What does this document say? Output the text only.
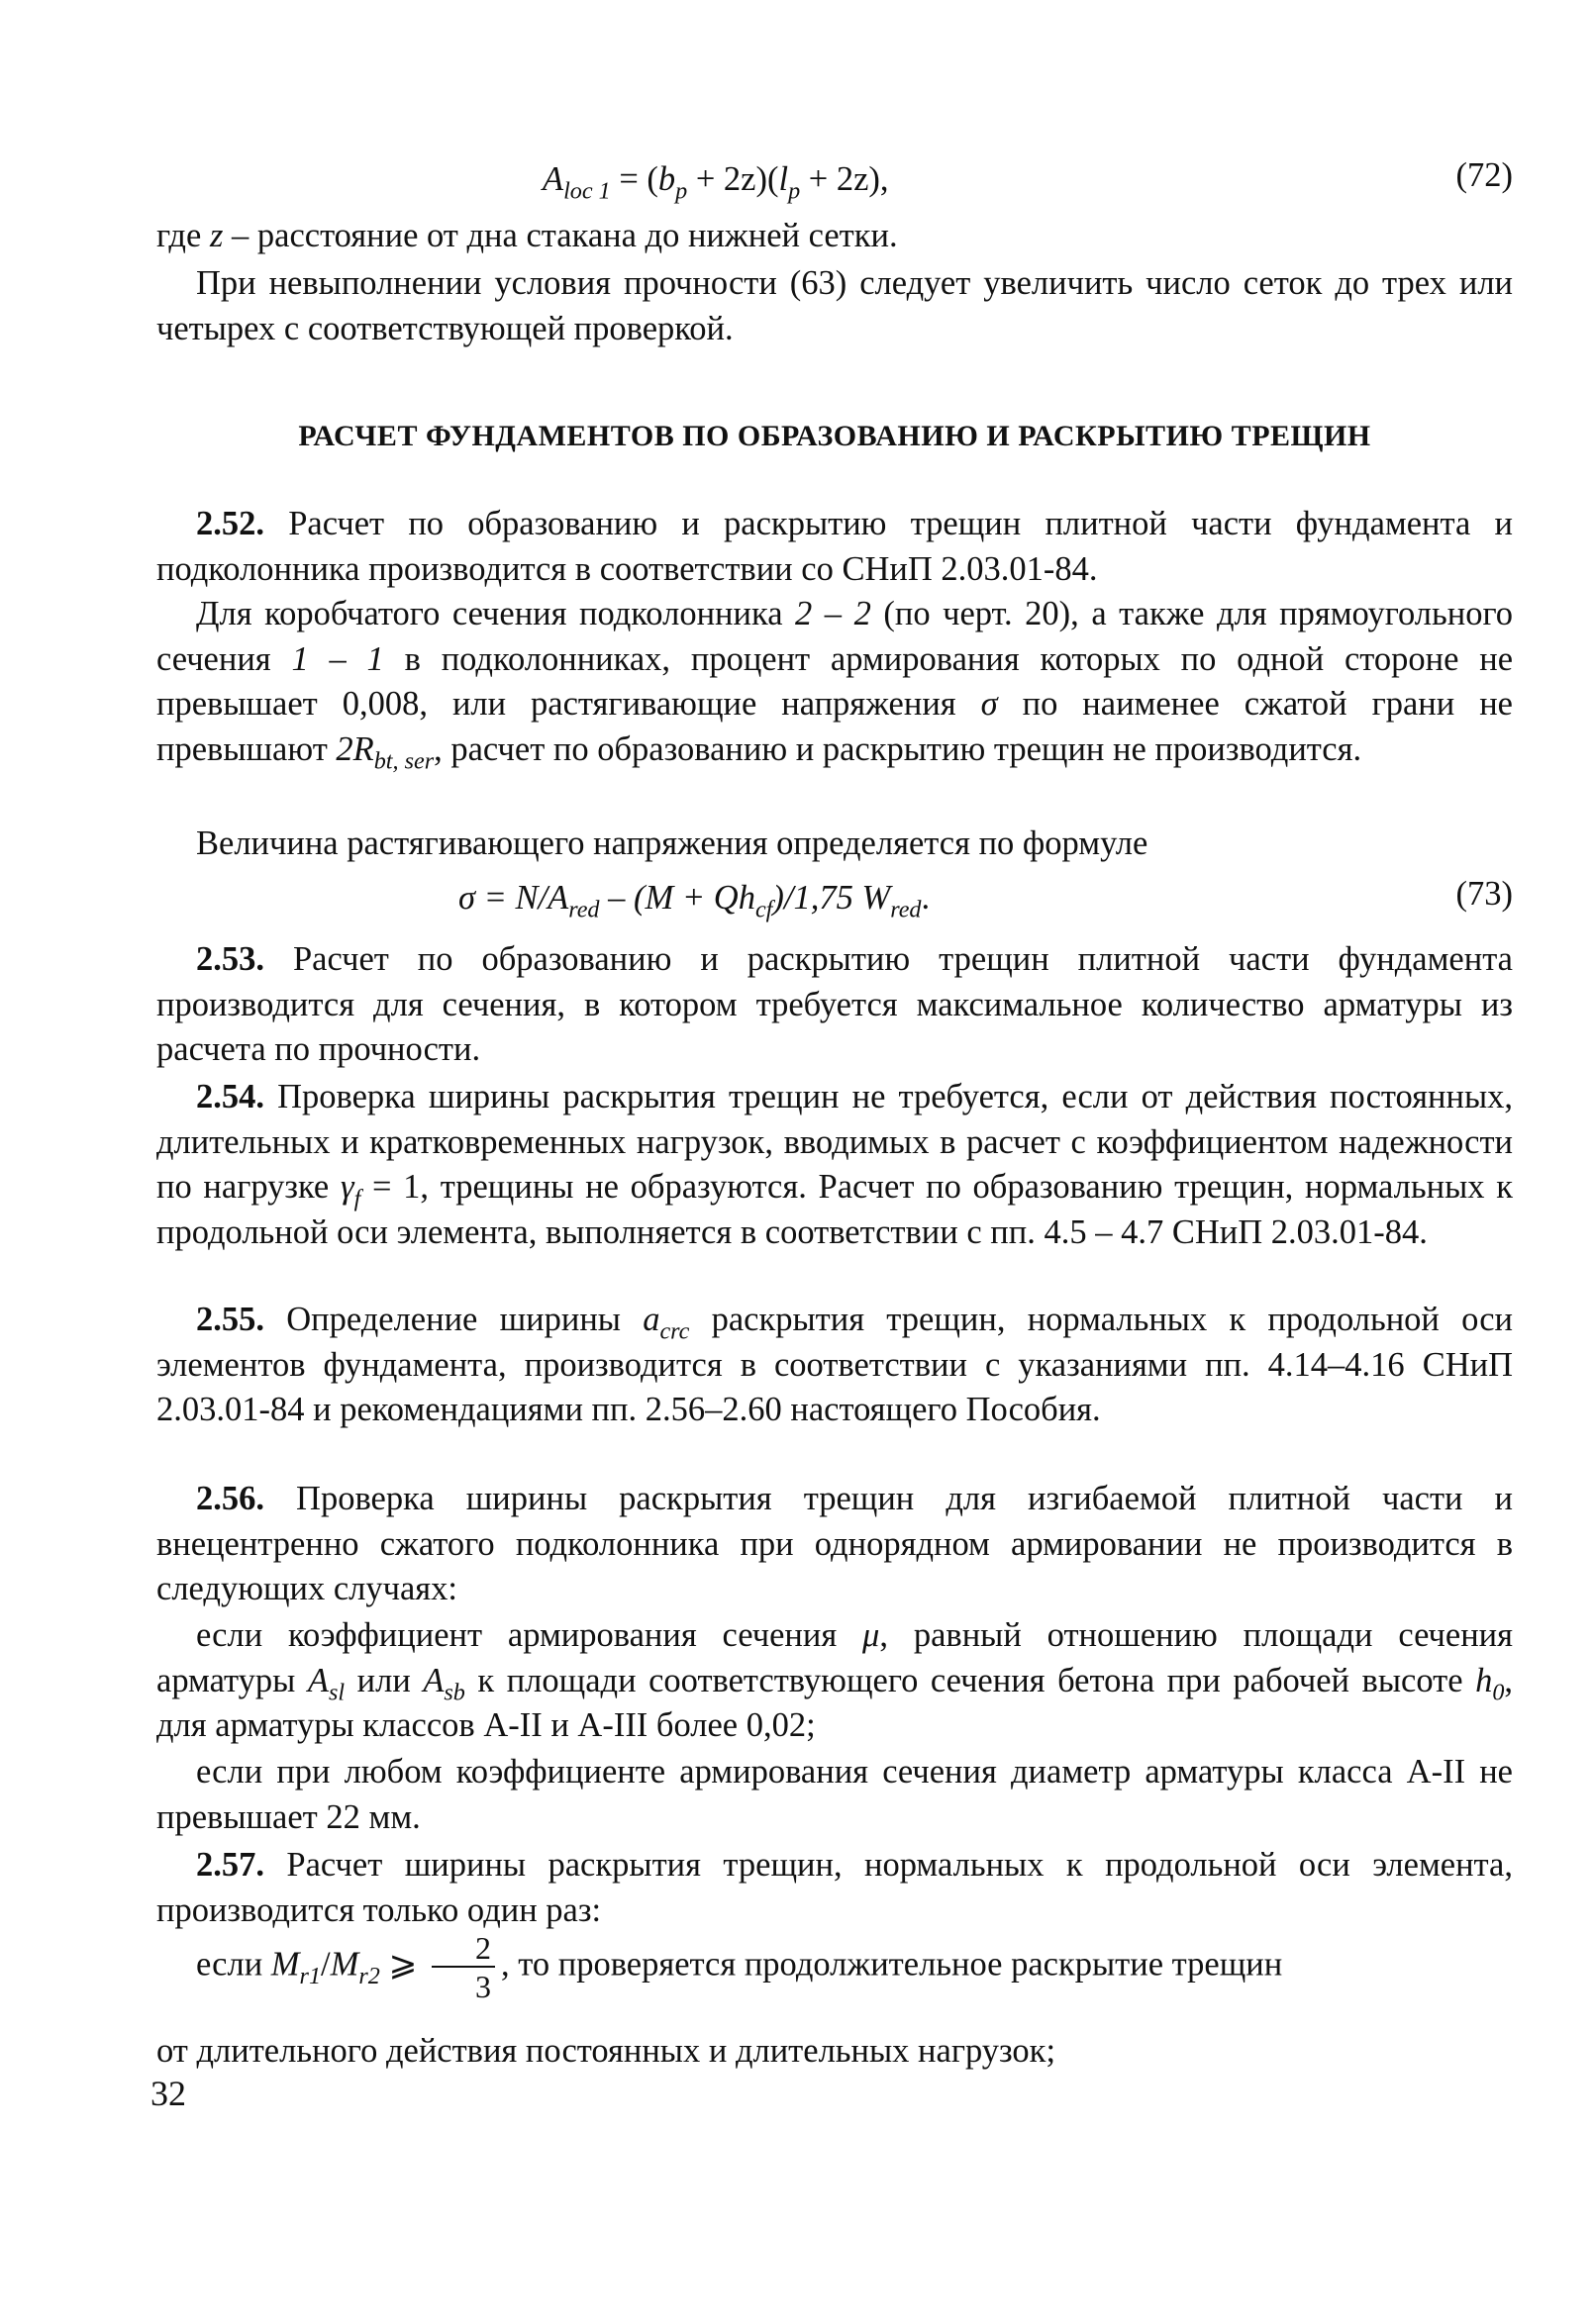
$A_{loc 1} = (b_p + 2z)(l_p + 2z)$,	(72)

где z – расстояние от дна стакана до нижней сетки.

При невыполнении условия прочности (63) следует увеличить число сеток до трех или четырех с соответствующей проверкой.

РАСЧЕТ ФУНДАМЕНТОВ ПО ОБРАЗОВАНИЮ И РАСКРЫТИЮ ТРЕЩИН

2.52. Расчет по образованию и раскрытию трещин плитной части фундамента и подколонника производится в соответствии со СНиП 2.03.01-84.

Для коробчатого сечения подколонника 2 – 2 (по черт. 20), а также для прямоугольного сечения 1 – 1 в подколонниках, процент армирования которых по одной стороне не превышает 0,008, или растягивающие напряжения σ по наименее сжатой грани не превышают $2R_{bt, ser}$, расчет по образованию и раскрытию трещин не производится.

Величина растягивающего напряжения определяется по формуле

$\sigma = N/A_{red} - (M + Qh_{cf})/1,75$ $W_{red}$.	(73)

2.53. Расчет по образованию и раскрытию трещин плитной части фундамента производится для сечения, в котором требуется максимальное количество арматуры из расчета по прочности.

2.54. Проверка ширины раскрытия трещин не требуется, если от действия постоянных, длительных и кратковременных нагрузок, вводимых в расчет с коэффициентом надежности по нагрузке $\gamma_f = 1$, трещины не образуются. Расчет по образованию трещин, нормальных к продольной оси элемента, выполняется в соответствии с пп. 4.5 – 4.7 СНиП 2.03.01-84.

2.55. Определение ширины $a_{crc}$ раскрытия трещин, нормальных к продольной оси элементов фундамента, производится в соответствии с указаниями пп. 4.14–4.16 СНиП 2.03.01-84 и рекомендациями пп. 2.56–2.60 настоящего Пособия.

2.56. Проверка ширины раскрытия трещин для изгибаемой плитной части и внецентренно сжатого подколонника при однорядном армировании не производится в следующих случаях:

если коэффициент армирования сечения μ, равный отношению площади сечения арматуры $A_{sl}$ или $A_{sb}$ к площади соответствующего сечения бетона при рабочей высоте $h_0$, для арматуры классов А-II и А-III более 0,02;

если при любом коэффициенте армирования сечения диаметр арматуры класса А-II не превышает 22 мм.

2.57. Расчет ширины раскрытия трещин, нормальных к продольной оси элемента, производится только один раз:

если $M_{r1}/M_{r2}$ ⩾ $\frac{2}{3}$ , то проверяется продолжительное раскрытие трещин

от длительного действия постоянных и длительных нагрузок;

32
